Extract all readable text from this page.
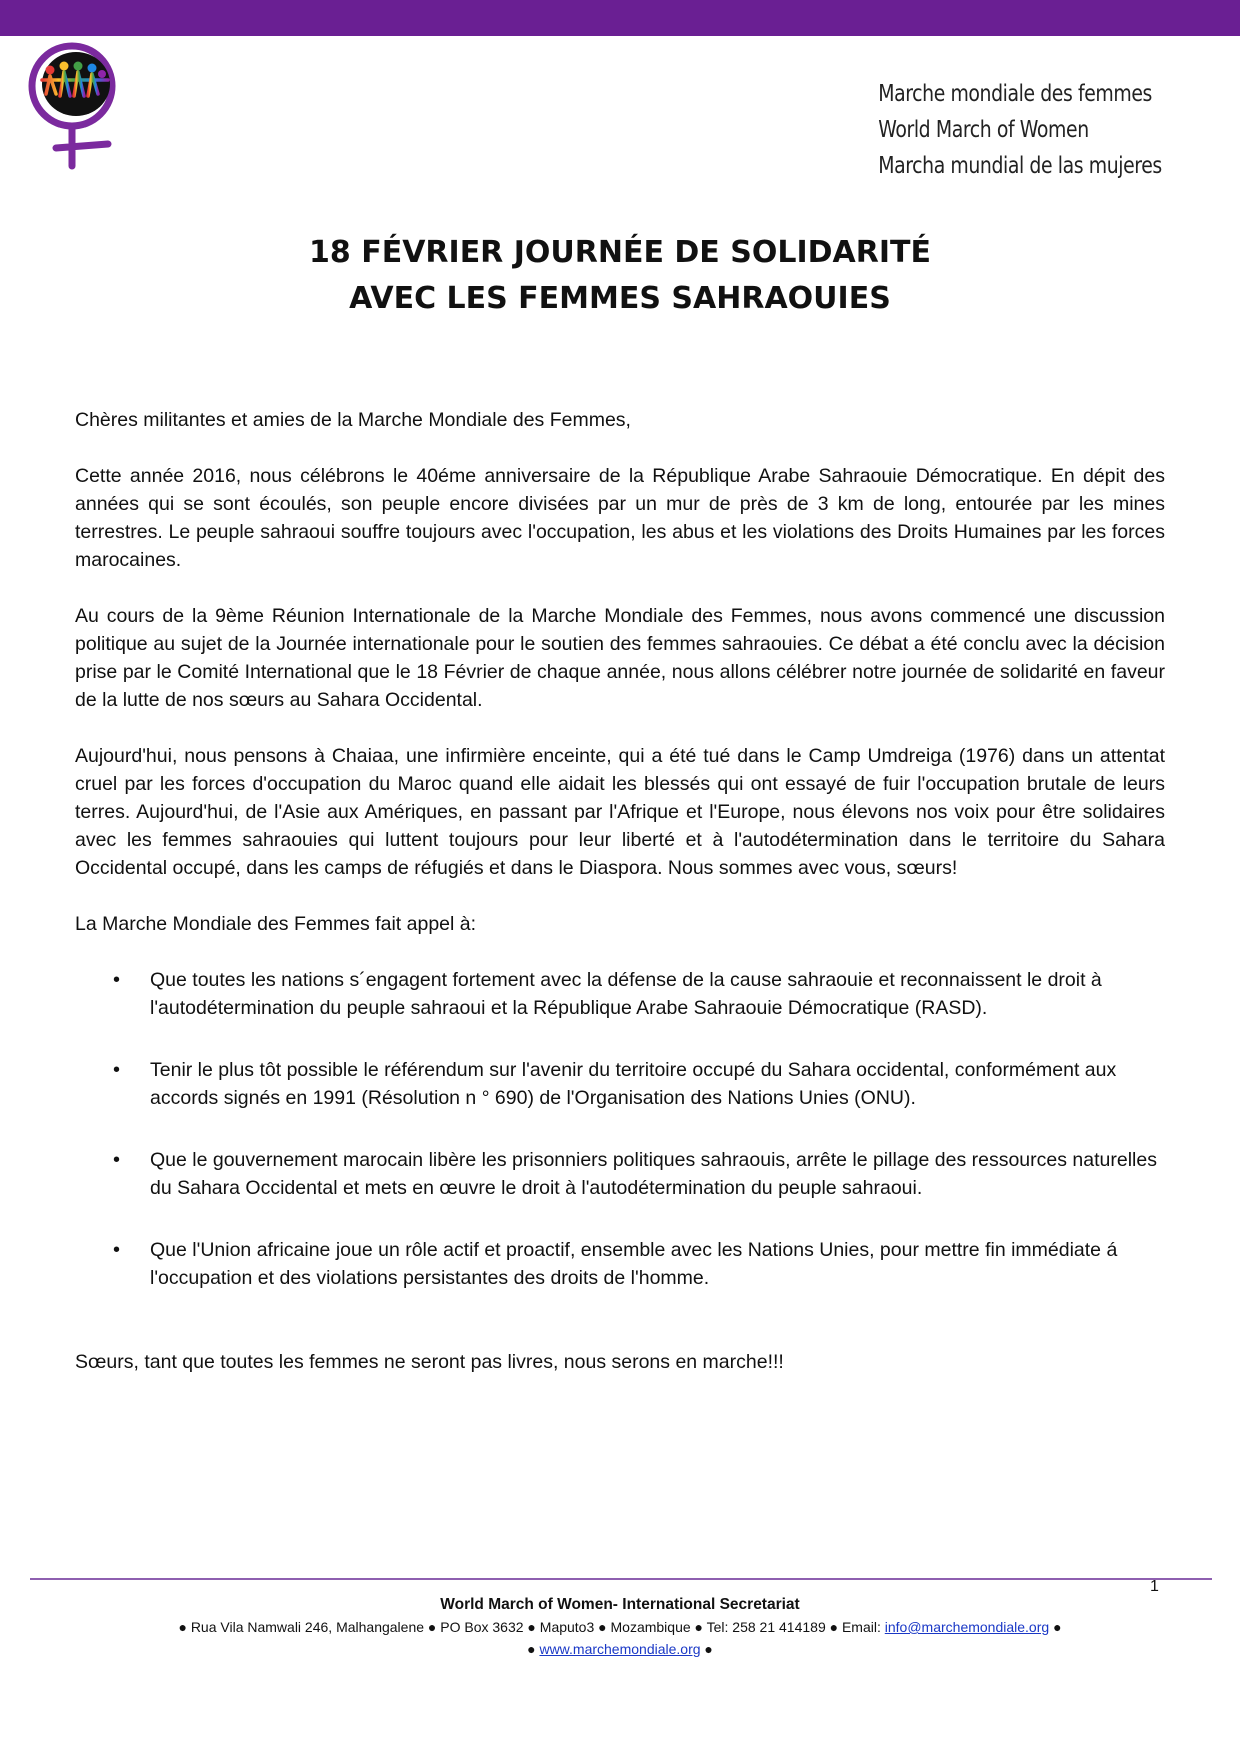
Marche mondiale des femmes
World March of Women
Marcha mundial de las mujeres
18 FÉVRIER JOURNÉE DE SOLIDARITÉ
AVEC LES FEMMES SAHRAOUIES

Chères militantes et amies de la Marche Mondiale des Femmes,

Cette année 2016, nous célébrons le 40éme anniversaire de la République Arabe Sahraouie Démocratique. En dépit des années qui se sont écoulés, son peuple encore divisées par un mur de près de 3 km de long, entourée par les mines terrestres. Le peuple sahraoui souffre toujours avec l'occupation, les abus et les violations des Droits Humaines par les forces marocaines.

Au cours de la 9ème Réunion Internationale de la Marche Mondiale des Femmes, nous avons commencé une discussion politique au sujet de la Journée internationale pour le soutien des femmes sahraouies. Ce débat a été conclu avec la décision prise par le Comité International que le 18 Février de chaque année, nous allons célébrer notre journée de solidarité en faveur de la lutte de nos sœurs au Sahara Occidental.

Aujourd'hui, nous pensons à Chaiaa, une infirmière enceinte, qui a été tué dans le Camp Umdreiga (1976) dans un attentat cruel par les forces d'occupation du Maroc quand elle aidait les blessés qui ont essayé de fuir l'occupation brutale de leurs terres. Aujourd'hui, de l'Asie aux Amériques, en passant par l'Afrique et l'Europe, nous élevons nos voix pour être solidaires avec les femmes sahraouies qui luttent toujours pour leur liberté et à l'autodétermination dans le territoire du Sahara Occidental occupé, dans les camps de réfugiés et dans le Diaspora. Nous sommes avec vous, sœurs!

La Marche Mondiale des Femmes fait appel à:

• Que toutes les nations s´engagent fortement avec la défense de la cause sahraouie et reconnaissent le droit à l'autodétermination du peuple sahraoui et la République Arabe Sahraouie Démocratique (RASD).
• Tenir le plus tôt possible le référendum sur l'avenir du territoire occupé du Sahara occidental, conformément aux accords signés en 1991 (Résolution n ° 690) de l'Organisation des Nations Unies (ONU).
• Que le gouvernement marocain libère les prisonniers politiques sahraouis, arrête le pillage des ressources naturelles du Sahara Occidental et mets en œuvre le droit à l'autodétermination du peuple sahraoui.
• Que l'Union africaine joue un rôle actif et proactif, ensemble avec les Nations Unies, pour mettre fin immédiate á l'occupation et des violations persistantes des droits de l'homme.

Sœurs, tant que toutes les femmes ne seront pas livres, nous serons en marche!!!

1
World March of Women- International Secretariat
● Rua Vila Namwali 246, Malhangalene ● PO Box 3632 ● Maputo3 ● Mozambique ● Tel: 258 21 414189 ● Email: info@marchemondiale.org ●
● www.marchemondiale.org ●
